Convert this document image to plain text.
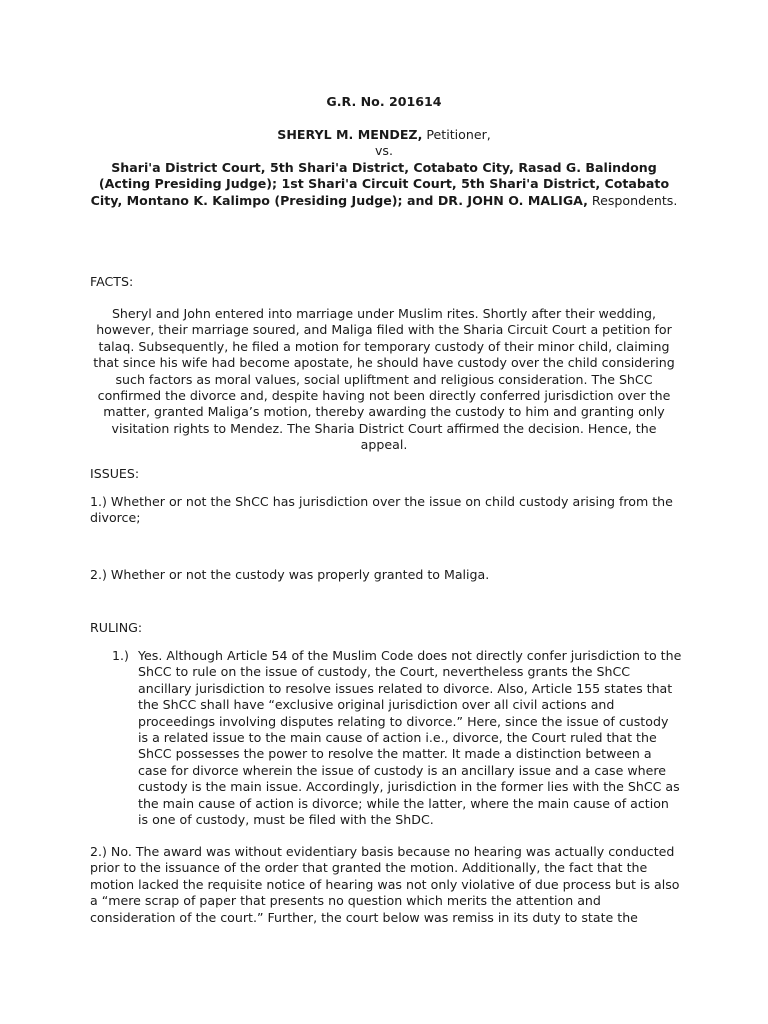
G.R. No. 201614
SHERYL M. MENDEZ, Petitioner,
vs.
Shari'a District Court, 5th Shari'a District, Cotabato City, Rasad G. Balindong (Acting Presiding Judge); 1st Shari'a Circuit Court, 5th Shari'a District, Cotabato City, Montano K. Kalimpo (Presiding Judge); and DR. JOHN O. MALIGA, Respondents.
FACTS:
Sheryl and John entered into marriage under Muslim rites. Shortly after their wedding, however, their marriage soured, and Maliga filed with the Sharia Circuit Court a petition for talaq. Subsequently, he filed a motion for temporary custody of their minor child, claiming that since his wife had become apostate, he should have custody over the child considering such factors as moral values, social upliftment and religious consideration. The ShCC confirmed the divorce and, despite having not been directly conferred jurisdiction over the matter, granted Maliga’s motion, thereby awarding the custody to him and granting only visitation rights to Mendez. The Sharia District Court affirmed the decision. Hence, the appeal.
ISSUES:
1.) Whether or not the ShCC has jurisdiction over the issue on child custody arising from the divorce;
2.) Whether or not the custody was properly granted to Maliga.
RULING:
1.) Yes. Although Article 54 of the Muslim Code does not directly confer jurisdiction to the ShCC to rule on the issue of custody, the Court, nevertheless grants the ShCC ancillary jurisdiction to resolve issues related to divorce. Also, Article 155 states that the ShCC shall have “exclusive original jurisdiction over all civil actions and proceedings involving disputes relating to divorce.” Here, since the issue of custody is a related issue to the main cause of action i.e., divorce, the Court ruled that the ShCC possesses the power to resolve the matter. It made a distinction between a case for divorce wherein the issue of custody is an ancillary issue and a case where custody is the main issue. Accordingly, jurisdiction in the former lies with the ShCC as the main cause of action is divorce; while the latter, where the main cause of action is one of custody, must be filed with the ShDC.
2.) No. The award was without evidentiary basis because no hearing was actually conducted prior to the issuance of the order that granted the motion. Additionally, the fact that the motion lacked the requisite notice of hearing was not only violative of due process but is also a “mere scrap of paper that presents no question which merits the attention and consideration of the court.” Further, the court below was remiss in its duty to state the
